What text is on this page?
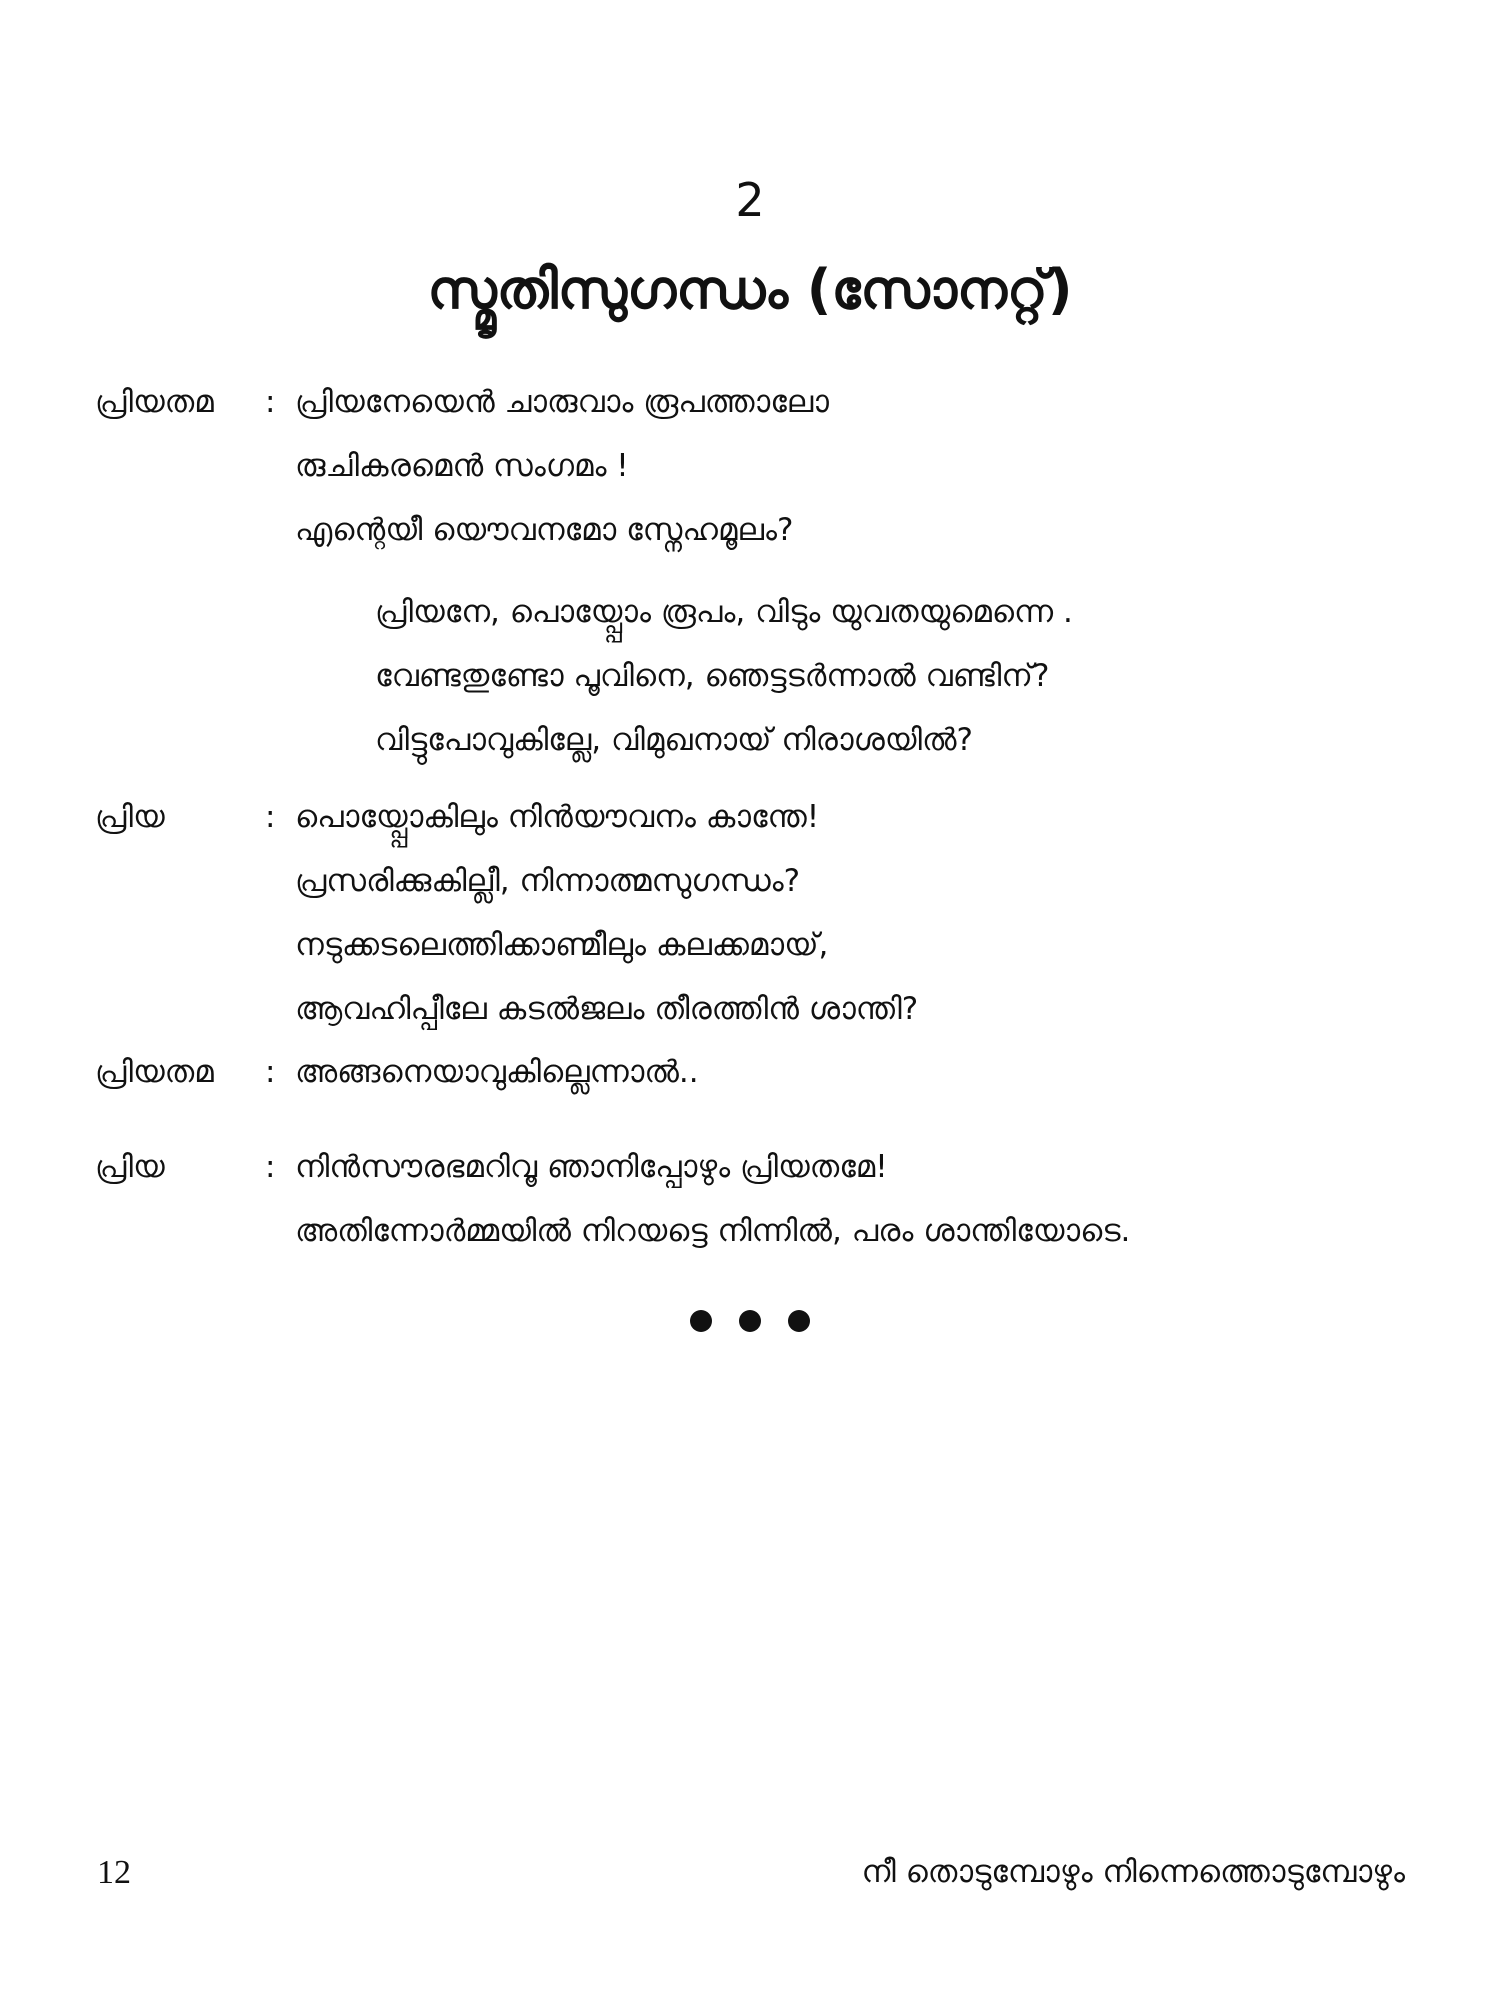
2
സ്മൃതിസുഗന്ധം (സോനറ്റ്)
പ്രിയതമ	: പ്രിയനേയെൻ ചാരുവാം രൂപത്താലോ
രുചികരമെൻ സംഗമം !
എന്റെയീ യൌവനമോ സ്നേഹമൂലം?
പ്രിയനേ, പൊയ്പ്പോം രൂപം, വിടും യുവതയുമെന്നെ .
വേണ്ടതുണ്ടോ പൂവിനെ, ഞെട്ടടർന്നാൽ വണ്ടിന്?
വിട്ടുപോവുകില്ലേ, വിമുഖനായ് നിരാശയിൽ?
പ്രിയ	: പൊയ്പ്പോകിലും നിൻയൗവനം കാന്തേ!
പ്രസരിക്കുകില്ലീ, നിന്നാത്മസുഗന്ധം?
നടുക്കടലെത്തിക്കാണ്മീലും കലക്കമായ്,
ആവഹിപ്പീലേ കടൽജലം തീരത്തിൻ ശാന്തി?
പ്രിയതമ	: അങ്ങനെയാവുകില്ലെന്നാൽ..
പ്രിയ	: നിൻസൗരഭമറിവൂ ഞാനിപ്പോഴും പ്രിയതമേ!
അതിന്നോർമ്മയിൽ നിറയട്ടെ നിന്നിൽ, പരം ശാന്തിയോടെ.

12	നീ തൊടുമ്പോഴും നിന്നെത്തൊടുമ്പോഴും
